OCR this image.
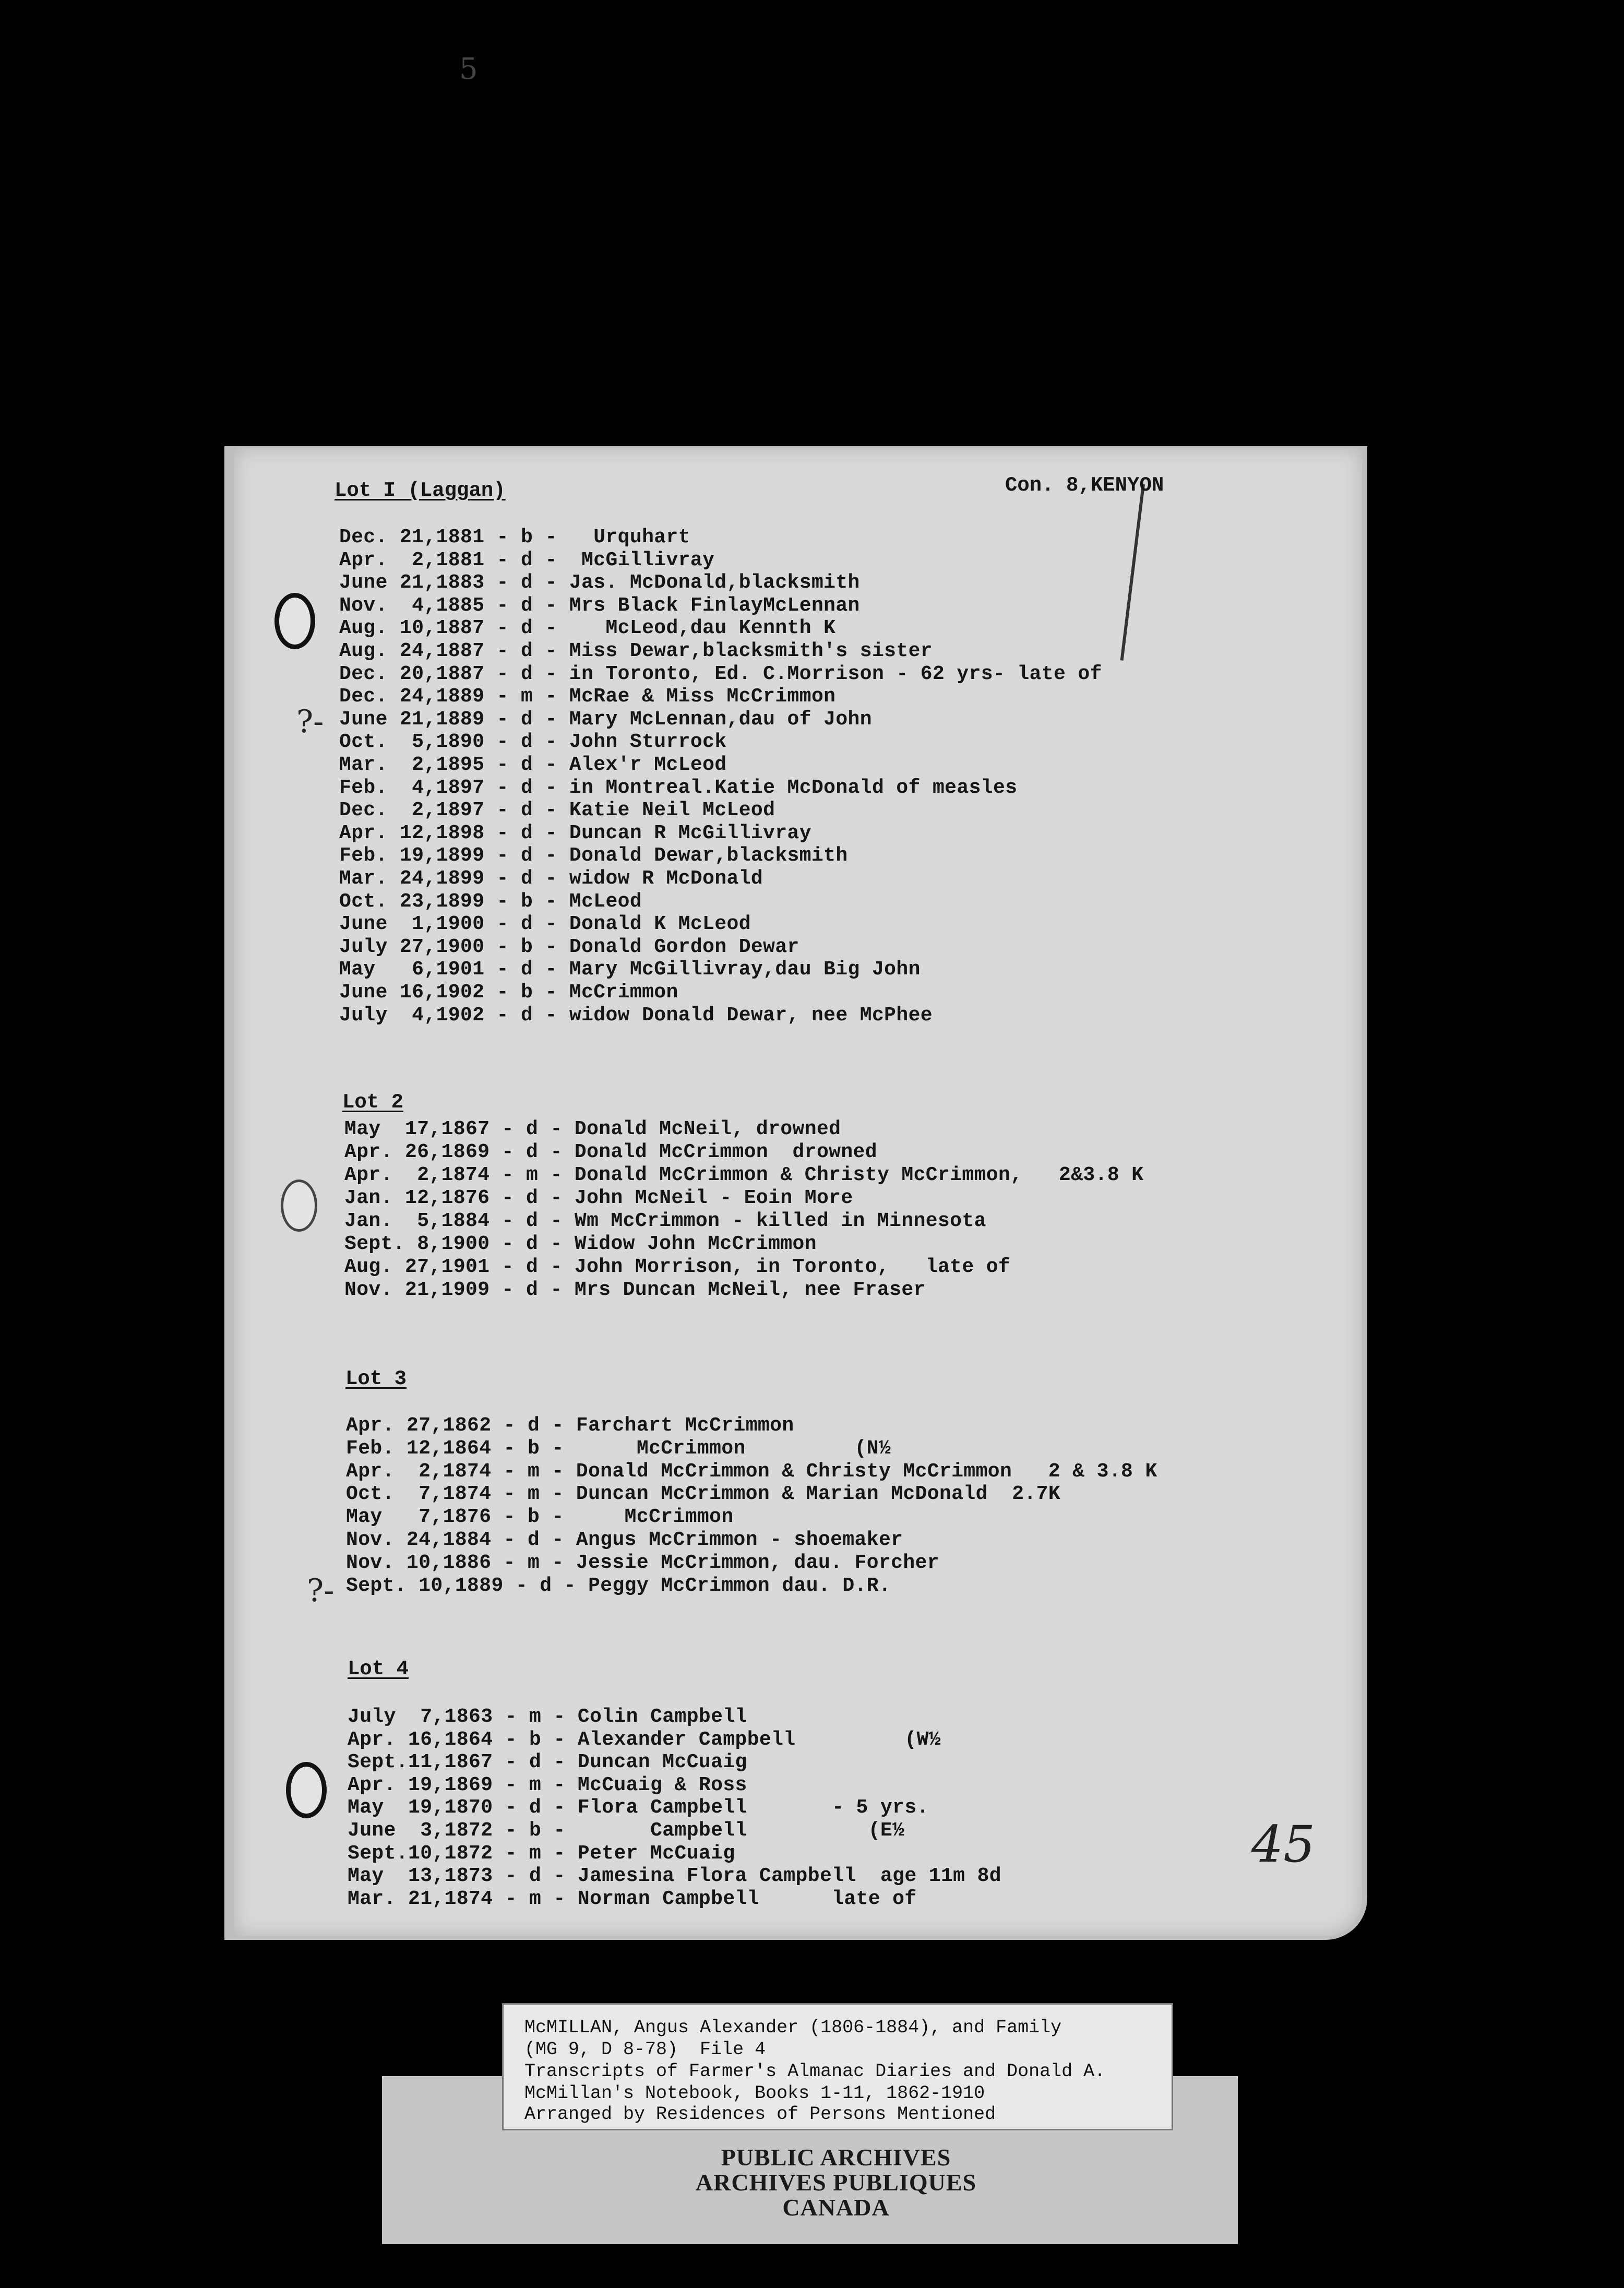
5
Lot I (Laggan)	Con. 8,KENYON
Dec. 21,1881 - b -   Urquhart
Apr.  2,1881 - d -  McGillivray
June 21,1883 - d - Jas. McDonald,blacksmith
Nov.  4,1885 - d - Mrs Black FinlayMcLennan
Aug. 10,1887 - d -    McLeod,dau Kennth K
Aug. 24,1887 - d - Miss Dewar,blacksmith's sister
Dec. 20,1887 - d - in Toronto, Ed. C.Morrison - 62 yrs- late of
Dec. 24,1889 - m - McRae & Miss McCrimmon
June 21,1889 - d - Mary McLennan,dau of John
Oct.  5,1890 - d - John Sturrock
Mar.  2,1895 - d - Alex'r McLeod
Feb.  4,1897 - d - in Montreal.Katie McDonald of measles
Dec.  2,1897 - d - Katie Neil McLeod
Apr. 12,1898 - d - Duncan R McGillivray
Feb. 19,1899 - d - Donald Dewar,blacksmith
Mar. 24,1899 - d - widow R McDonald
Oct. 23,1899 - b - McLeod
June  1,1900 - d - Donald K McLeod
July 27,1900 - b - Donald Gordon Dewar
May   6,1901 - d - Mary McGillivray,dau Big John
June 16,1902 - b - McCrimmon
July  4,1902 - d - widow Donald Dewar, nee McPhee
Lot 2
May  17,1867 - d - Donald McNeil, drowned
Apr. 26,1869 - d - Donald McCrimmon  drowned
Apr.  2,1874 - m - Donald McCrimmon & Christy McCrimmon,   2&3.8 K
Jan. 12,1876 - d - John McNeil - Eoin More
Jan.  5,1884 - d - Wm McCrimmon - killed in Minnesota
Sept. 8,1900 - d - Widow John McCrimmon
Aug. 27,1901 - d - John Morrison, in Toronto,   late of
Nov. 21,1909 - d - Mrs Duncan McNeil, nee Fraser
Lot 3
Apr. 27,1862 - d - Farchart McCrimmon
Feb. 12,1864 - b -      McCrimmon         (N½
Apr.  2,1874 - m - Donald McCrimmon & Christy McCrimmon   2 & 3.8 K
Oct.  7,1874 - m - Duncan McCrimmon & Marian McDonald  2.7K
May   7,1876 - b -     McCrimmon
Nov. 24,1884 - d - Angus McCrimmon - shoemaker
Nov. 10,1886 - m - Jessie McCrimmon, dau. Forcher
Sept. 10,1889 - d - Peggy McCrimmon dau. D.R.
Lot 4
July  7,1863 - m - Colin Campbell
Apr. 16,1864 - b - Alexander Campbell         (W½
Sept.11,1867 - d - Duncan McCuaig
Apr. 19,1869 - m - McCuaig & Ross
May  19,1870 - d - Flora Campbell       - 5 yrs.
June  3,1872 - b -       Campbell          (E½
Sept.10,1872 - m - Peter McCuaig
May  13,1873 - d - Jamesina Flora Campbell  age 11m 8d
Mar. 21,1874 - m - Norman Campbell      late of
?-
?-
45
McMILLAN, Angus Alexander (1806-1884), and Family
(MG 9, D 8-78)  File 4
Transcripts of Farmer's Almanac Diaries and Donald A.
McMillan's Notebook, Books 1-11, 1862-1910
Arranged by Residences of Persons Mentioned
PUBLIC ARCHIVES
ARCHIVES PUBLIQUES
CANADA
